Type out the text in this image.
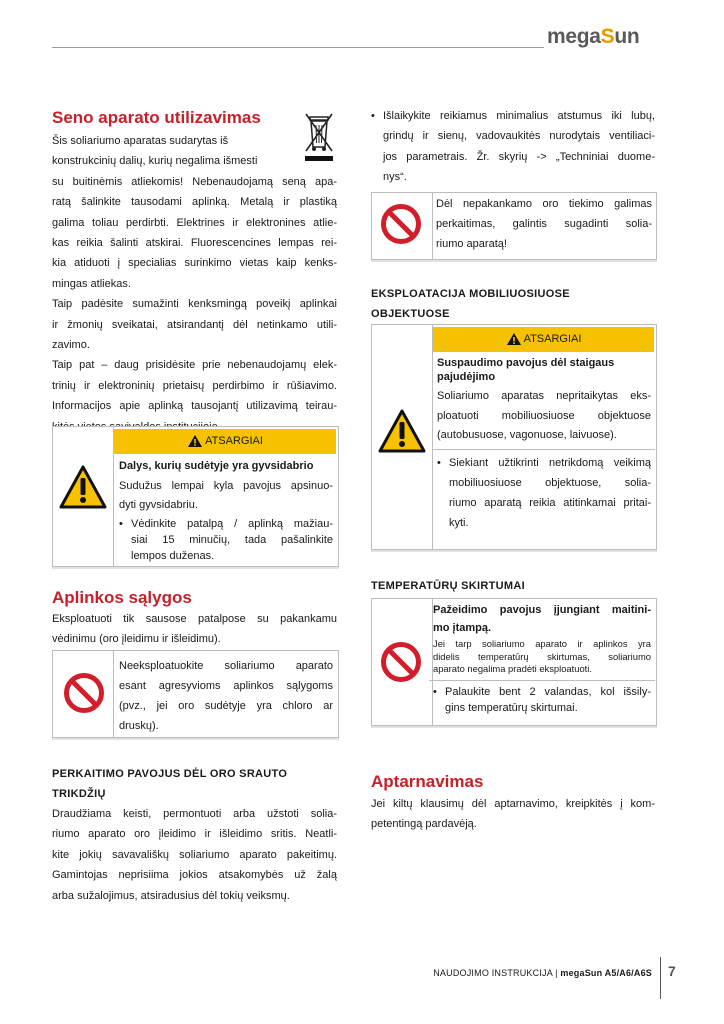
megaSun
Seno aparato utilizavimas
Šis soliariumo aparatas sudarytas iš
konstrukcinių dalių, kurių negalima išmesti
su buitinėmis atliekomis! Nebenaudojamą seną apa-
ratą šalinkite tausodami aplinką. Metalą ir plastiką
galima toliau perdirbti. Elektrines ir elektronines atlie-
kas reikia šalinti atskirai. Fluorescencines lempas rei-
kia atiduoti į specialias surinkimo vietas kaip kenks-
mingas atliekas.
Taip padėsite sumažinti kenksmingą poveikį aplinkai
ir žmonių sveikatai, atsirandantį dėl netinkamo utili-
zavimo.
Taip pat – daug prisidėsite prie nebenaudojamų elek-
trinių ir elektroninių prietaisų perdirbimo ir rūšiavimo.
Informacijos apie aplinką tausojantį utilizavimą teirau-
ATSARGIAI
Dalys, kurių sudėtyje yra gyvsidabrio
Sudužus lempai kyla pavojus apsinuo-
dyti gyvsidabriu.
• Vėdinkite patalpą / aplinką mažiau-
siai 15 minučių, tada pašalinkite
lempos duženas.
Aplinkos sąlygos
Eksploatuoti tik sausose patalpose su pakankamu
vėdinimu (oro įleidimu ir išleidimu).
Neeksploatuokite soliariumo aparato
esant agresyvioms aplinkos sąlygoms
(pvz., jei oro sudėtyje yra chloro ar
druskų).
PERKAITIMO PAVOJUS DĖL ORO SRAUTO
TRIKDŽIŲ
Draudžiama keisti, permontuoti arba užstoti solia-
riumo aparato oro įleidimo ir išleidimo sritis. Neatli-
kite jokių savavališkų soliariumo aparato pakeitimų.
Gamintojas neprisiima jokios atsakomybės už žalą
arba sužalojimus, atsiradusius dėl tokių veiksmų.
• Išlaikykite reikiamus minimalius atstumus iki lubų,
grindų ir sienų, vadovaukitės nurodytais ventiliaci-
jos parametrais. Žr. skyrių -> „Techniniai duome-
nys“.
Dėl nepakankamo oro tiekimo galimas
perkaitimas, galintis sugadinti solia-
riumo aparatą!
EKSPLOATACIJA MOBILIUOSIUOSE
OBJEKTUOSE
ATSARGIAI
Suspaudimo pavojus dėl staigaus
pajudėjimo
Soliariumo aparatas nepritaikytas eks-
ploatuoti mobiliuosiuose objektuose
(autobusuose, vagonuose, laivuose).
• Siekiant užtikrinti netrikdomą veikimą
mobiliuosiuose objektuose, solia-
riumo aparatą reikia atitinkamai pritai-
kyti.
TEMPERATŪRŲ SKIRTUMAI
Pažeidimo pavojus įjungiant maitini-
mo įtampą.
Jei tarp soliariumo aparato ir aplinkos yra
didelis temperatūrų skirtumas, soliariumo
aparato negalima pradėti eksploatuoti.
• Palaukite bent 2 valandas, kol išsily-
gins temperatūrų skirtumai.
Aptarnavimas
Jei kiltų klausimų dėl aptarnavimo, kreipkitės į kom-
petentingą pardavėją.
NAUDOJIMO INSTRUKCIJA | megaSun A5/A6/A6S 7
